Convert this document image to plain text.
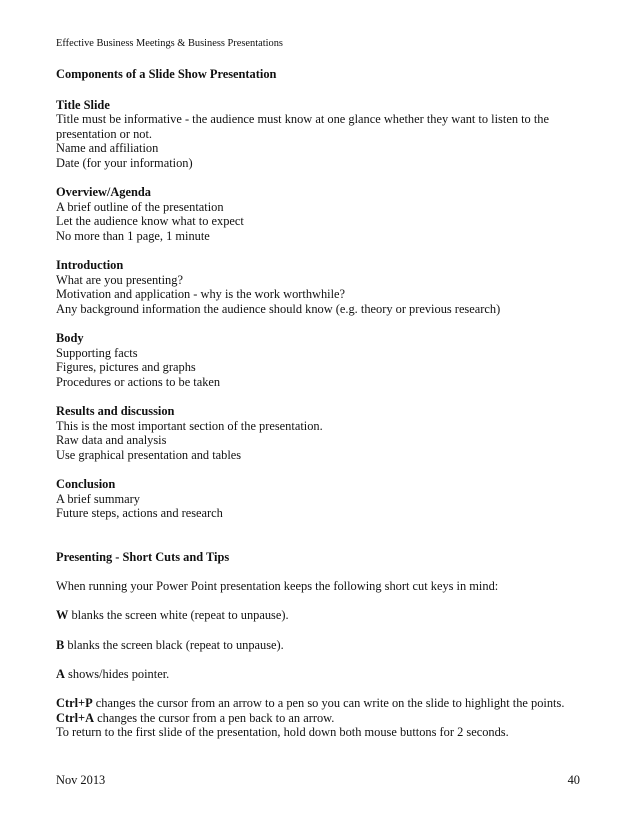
Effective Business Meetings & Business Presentations
Components of a Slide Show Presentation
Title Slide
Title must be informative - the audience must know at one glance whether they want to listen to the presentation or not.
Name and affiliation
Date (for your information)
Overview/Agenda
A brief outline of the presentation
Let the audience know what to expect
No more than 1 page, 1 minute
Introduction
What are you presenting?
Motivation and application - why is the work worthwhile?
Any background information the audience should know (e.g. theory or previous research)
Body
Supporting facts
Figures, pictures and graphs
Procedures or actions to be taken
Results and discussion
This is the most important section of the presentation.
Raw data and analysis
Use graphical presentation and tables
Conclusion
A brief summary
Future steps, actions and research
Presenting - Short Cuts and Tips
When running your Power Point presentation keeps the following short cut keys in mind:
W blanks the screen white (repeat to unpause).
B blanks the screen black (repeat to unpause).
A shows/hides pointer.
Ctrl+P changes the cursor from an arrow to a pen so you can write on the slide to highlight the points.
Ctrl+A changes the cursor from a pen back to an arrow.
To return to the first slide of the presentation, hold down both mouse buttons for 2 seconds.
Nov 2013	40
